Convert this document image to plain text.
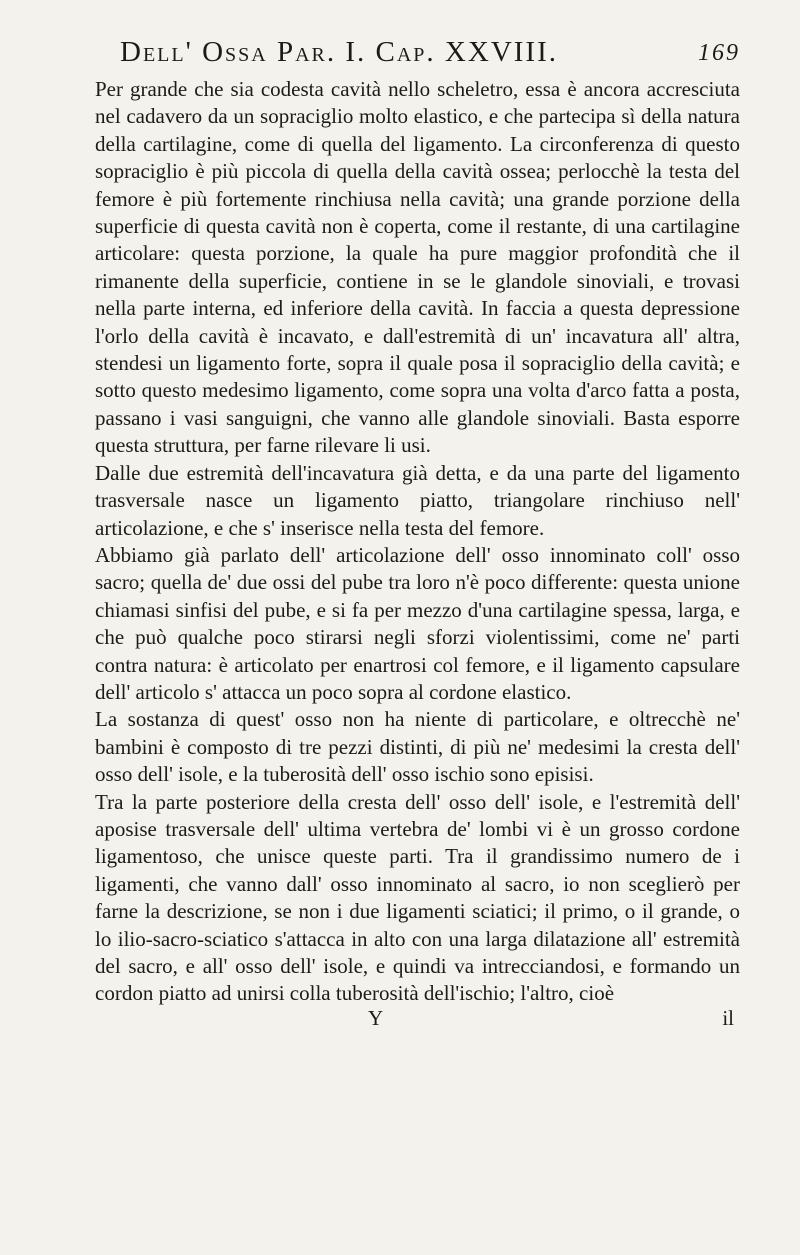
Dell' Ossa Par. I. Cap. XXVIII.	169

Per grande che sia codesta cavità nello scheletro, essa è ancora accresciuta nel cadavero da un sopraciglio molto elastico, e che partecipa sì della natura della cartilagine, come di quella del ligamento. La circonferenza di questo sopraciglio è più piccola di quella della cavità ossea; perlocchè la testa del femore è più fortemente rinchiusa nella cavità; una grande porzione della superficie di questa cavità non è coperta, come il restante, di una cartilagine articolare: questa porzione, la quale ha pure maggior profondità che il rimanente della superficie, contiene in se le glandole sinoviali, e trovasi nella parte interna, ed inferiore della cavità. In faccia a questa depressione l'orlo della cavità è incavato, e dall'estremità di un' incavatura all' altra, stendesi un ligamento forte, sopra il quale posa il sopraciglio della cavità; e sotto questo medesimo ligamento, come sopra una volta d'arco fatta a posta, passano i vasi sanguigni, che vanno alle glandole sinoviali. Basta esporre questa struttura, per farne rilevare li usi.

Dalle due estremità dell'incavatura già detta, e da una parte del ligamento trasversale nasce un ligamento piatto, triangolare rinchiuso nell' articolazione, e che s' inserisce nella testa del femore.

Abbiamo già parlato dell' articolazione dell' osso innominato coll' osso sacro; quella de' due ossi del pube tra loro n'è poco differente: questa unione chiamasi sinfisi del pube, e si fa per mezzo d'una cartilagine spessa, larga, e che può qualche poco stirarsi negli sforzi violentissimi, come ne' parti contra natura: è articolato per enartrosi col femore, e il ligamento capsulare dell' articolo s' attacca un poco sopra al cordone elastico.

La sostanza di quest' osso non ha niente di particolare, e oltrecchè ne' bambini è composto di tre pezzi distinti, di più ne' medesimi la cresta dell' osso dell' isole, e la tuberosità dell' osso ischio sono episisi.

Tra la parte posteriore della cresta dell' osso dell' isole, e l'estremità dell' aposise trasversale dell' ultima vertebra de' lombi vi è un grosso cordone ligamentoso, che unisce queste parti. Tra il grandissimo numero de i ligamenti, che vanno dall' osso innominato al sacro, io non sceglierò per farne la descrizione, se non i due ligamenti sciatici; il primo, o il grande, o lo ilio-sacro-sciatico s'attacca in alto con una larga dilatazione all' estremità del sacro, e all' osso dell' isole, e quindi va intrecciandosi, e formando un cordon piatto ad unirsi colla tuberosità dell'ischio; l'altro, cioè

Y	il
